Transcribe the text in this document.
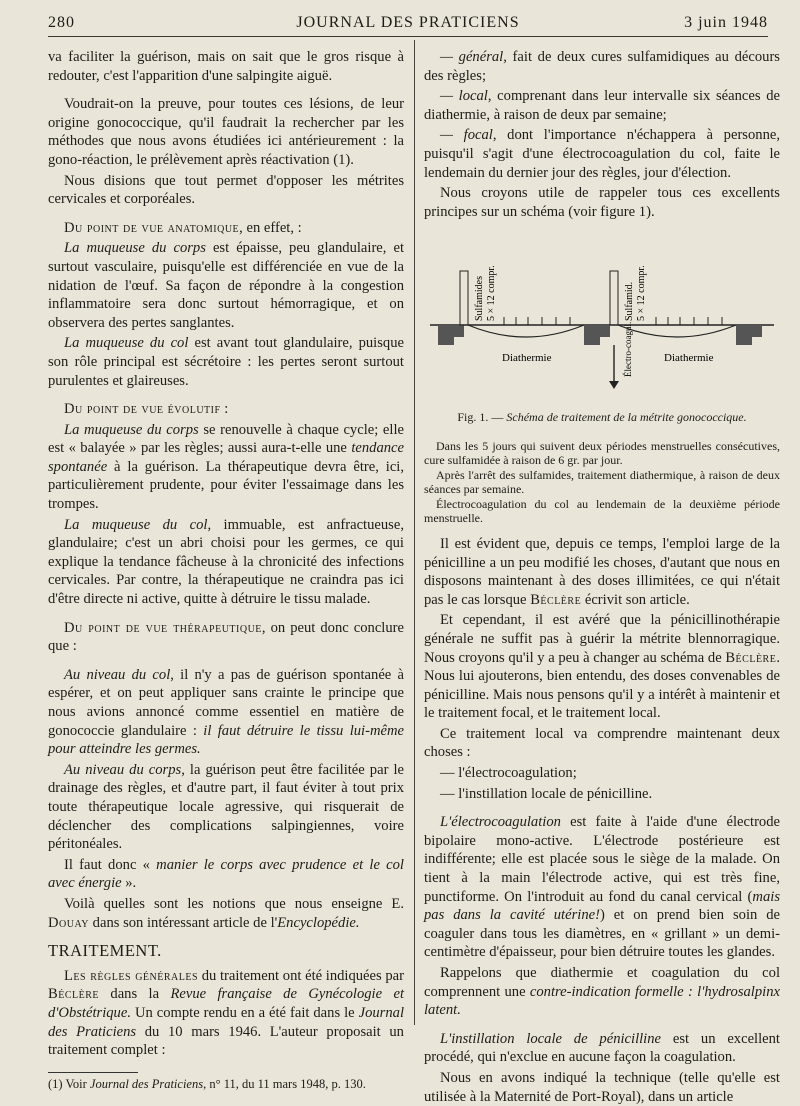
280	JOURNAL DES PRATICIENS	3 juin 1948

va faciliter la guérison, mais on sait que le gros risque à redouter, c'est l'apparition d'une salpingite aiguë.

Voudrait-on la preuve, pour toutes ces lésions, de leur origine gonococcique, qu'il faudrait la rechercher par les méthodes que nous avons étudiées ici antérieurement : la gono-réaction, le prélèvement après réactivation (1).

Nous disions que tout permet d'opposer les métrites cervicales et corporéales.

Du point de vue anatomique, en effet, :

La muqueuse du corps est épaisse, peu glandulaire, et surtout vasculaire, puisqu'elle est différenciée en vue de la nidation de l'œuf. Sa façon de répondre à la congestion inflammatoire sera donc surtout hémorragique, et on observera des pertes sanglantes.

La muqueuse du col est avant tout glandulaire, puisque son rôle principal est sécrétoire : les pertes seront surtout purulentes et glaireuses.

Du point de vue évolutif :

La muqueuse du corps se renouvelle à chaque cycle; elle est « balayée » par les règles; aussi aura-t-elle une tendance spontanée à la guérison. La thérapeutique devra être, ici, particulièrement prudente, pour éviter l'essaimage dans les trompes.

La muqueuse du col, immuable, est anfractueuse, glandulaire; c'est un abri choisi pour les germes, ce qui explique la tendance fâcheuse à la chronicité des infections cervicales. Par contre, la thérapeutique ne craindra pas ici d'être directe ni active, quitte à détruire le tissu malade.

Du point de vue thérapeutique, on peut donc conclure que :

Au niveau du col, il n'y a pas de guérison spontanée à espérer, et on peut appliquer sans crainte le principe que nous avions annoncé comme essentiel en matière de gonococcie glandulaire : il faut détruire le tissu lui-même pour atteindre les germes.

Au niveau du corps, la guérison peut être facilitée par le drainage des règles, et d'autre part, il faut éviter à tout prix toute thérapeutique locale agressive, qui risquerait de déclencher des complications salpingiennes, voire péritonéales.

Il faut donc « manier le corps avec prudence et le col avec énergie ».

Voilà quelles sont les notions que nous enseigne E. Douay dans son intéressant article de l'Encyclopédie.

TRAITEMENT.

Les règles générales du traitement ont été indiquées par Béclère dans la Revue française de Gynécologie et d'Obstétrique. Un compte rendu en a été fait dans le Journal des Praticiens du 10 mars 1946. L'auteur proposait un traitement complet :

(1) Voir Journal des Praticiens, n° 11, du 11 mars 1948, p. 130.

— général, fait de deux cures sulfamidiques au décours des règles;

— local, comprenant dans leur intervalle six séances de diathermie, à raison de deux par semaine;

— focal, dont l'importance n'échappera à personne, puisqu'il s'agit d'une électrocoagulation du col, faite le lendemain du dernier jour des règles, jour d'élection.

Nous croyons utile de rappeler tous ces excellents principes sur un schéma (voir figure 1).

Sulfamides 5 × 12 compr.	Sulfamid. 5 × 12 compr.
Diathermie	Diathermie
Électro-coagul.

Fig. 1. — Schéma de traitement de la métrite gonococcique.

Dans les 5 jours qui suivent deux périodes menstruelles consécutives, cure sulfamidée à raison de 6 gr. par jour.

Après l'arrêt des sulfamides, traitement diathermique, à raison de deux séances par semaine.

Électrocoagulation du col au lendemain de la deuxième période menstruelle.

Il est évident que, depuis ce temps, l'emploi large de la pénicilline a un peu modifié les choses, d'autant que nous en disposons maintenant à des doses illimitées, ce qui n'était pas le cas lorsque Béclère écrivit son article.

Et cependant, il est avéré que la pénicillinothérapie générale ne suffit pas à guérir la métrite blennorragique. Nous croyons qu'il y a peu à changer au schéma de Béclère. Nous lui ajouterons, bien entendu, des doses convenables de pénicilline. Mais nous pensons qu'il y a intérêt à maintenir et le traitement focal, et le traitement local.

Ce traitement local va comprendre maintenant deux choses :

— l'électrocoagulation;

— l'instillation locale de pénicilline.

L'électrocoagulation est faite à l'aide d'une électrode bipolaire mono-active. L'électrode postérieure est indifférente; elle est placée sous le siège de la malade. On tient à la main l'électrode active, qui est très fine, punctiforme. On l'introduit au fond du canal cervical (mais pas dans la cavité utérine!) et on prend bien soin de coaguler dans tous les diamètres, en « grillant » un demi-centimètre d'épaisseur, pour bien détruire toutes les glandes.

Rappelons que diathermie et coagulation du col comprennent une contre-indication formelle : l'hydrosalpinx latent.

L'instillation locale de pénicilline est un excellent procédé, qui n'exclue en aucune façon la coagulation.

Nous en avons indiqué la technique (telle qu'elle est utilisée à la Maternité de Port-Royal), dans un article
